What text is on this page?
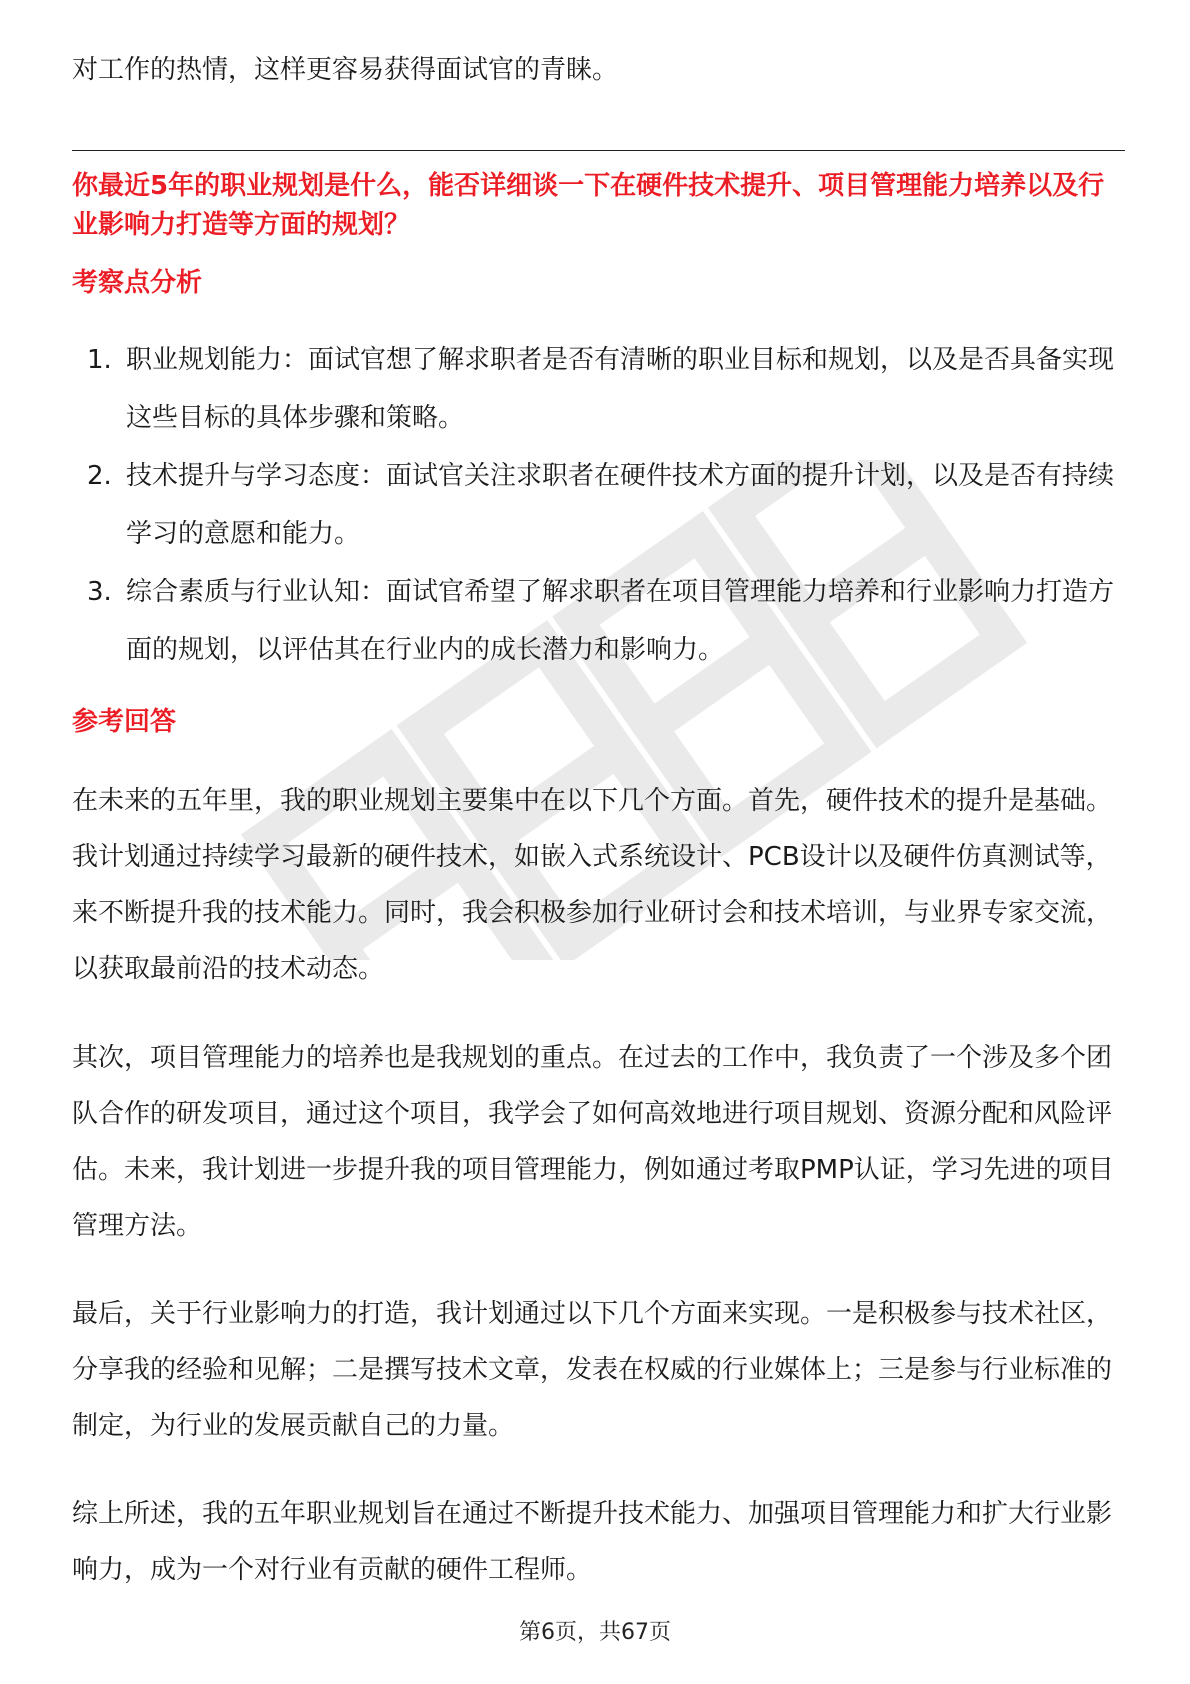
对工作的热情，这样更容易获得面试官的青睐。
你最近5年的职业规划是什么，能否详细谈一下在硬件技术提升、项目管理能力培养以及行业影响力打造等方面的规划？
考察点分析
1. 职业规划能力：面试官想了解求职者是否有清晰的职业目标和规划，以及是否具备实现这些目标的具体步骤和策略。
2. 技术提升与学习态度：面试官关注求职者在硬件技术方面的提升计划，以及是否有持续学习的意愿和能力。
3. 综合素质与行业认知：面试官希望了解求职者在项目管理能力培养和行业影响力打造方面的规划，以评估其在行业内的成长潜力和影响力。
参考回答
在未来的五年里，我的职业规划主要集中在以下几个方面。首先，硬件技术的提升是基础。我计划通过持续学习最新的硬件技术，如嵌入式系统设计、PCB设计以及硬件仿真测试等，来不断提升我的技术能力。同时，我会积极参加行业研讨会和技术培训，与业界专家交流，以获取最前沿的技术动态。
其次，项目管理能力的培养也是我规划的重点。在过去的工作中，我负责了一个涉及多个团队合作的研发项目，通过这个项目，我学会了如何高效地进行项目规划、资源分配和风险评估。未来，我计划进一步提升我的项目管理能力，例如通过考取PMP认证，学习先进的项目管理方法。
最后，关于行业影响力的打造，我计划通过以下几个方面来实现。一是积极参与技术社区，分享我的经验和见解；二是撰写技术文章，发表在权威的行业媒体上；三是参与行业标准的制定，为行业的发展贡献自己的力量。
综上所述，我的五年职业规划旨在通过不断提升技术能力、加强项目管理能力和扩大行业影响力，成为一个对行业有贡献的硬件工程师。
第6页，共67页
